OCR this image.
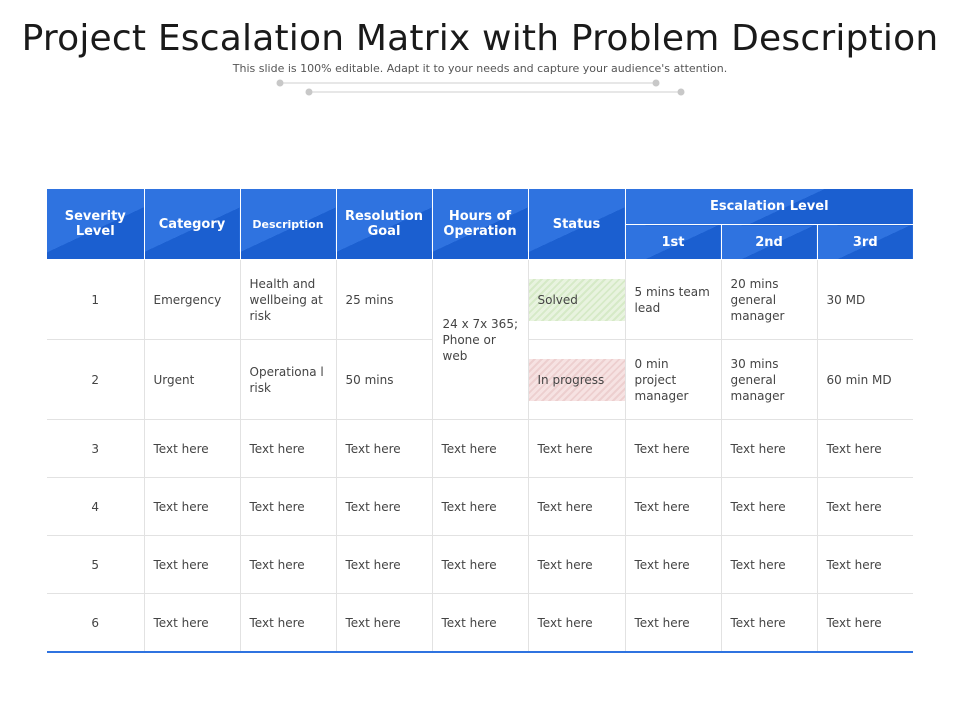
Project Escalation Matrix with Problem Description
This slide is 100% editable. Adapt it to your needs and capture your audience's attention.
Severity Level	Category	Description	Resolution Goal	Hours of Operation	Status	Escalation Level		
						1st	2nd	3rd
1	Emergency	Health and wellbeing at risk	25 mins	24 x 7x 365; Phone or web	Solved	5 mins team lead	20 mins general manager	30 MD
2	Urgent	Operationa l risk	50 mins		In progress	0 min project manager	30 mins general manager	60 min MD
3	Text here	Text here	Text here	Text here	Text here	Text here	Text here	Text here
4	Text here	Text here	Text here	Text here	Text here	Text here	Text here	Text here
5	Text here	Text here	Text here	Text here	Text here	Text here	Text here	Text here
6	Text here	Text here	Text here	Text here	Text here	Text here	Text here	Text here
